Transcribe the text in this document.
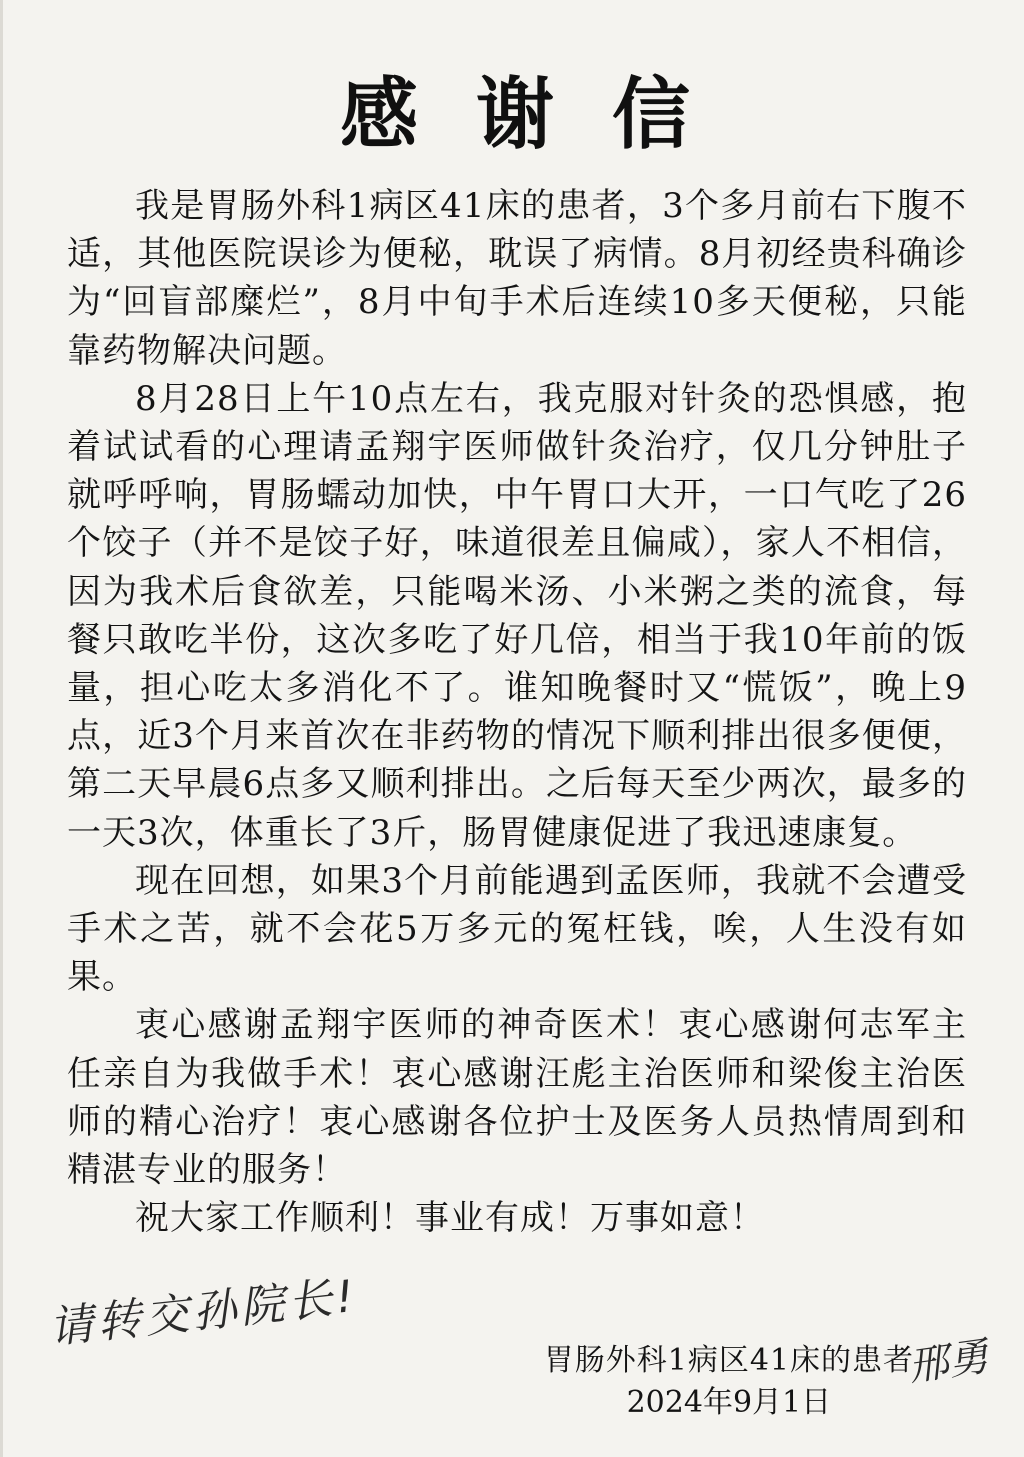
感谢信

我是胃肠外科1病区41床的患者，3个多月前右下腹不适，其他医院误诊为便秘，耽误了病情。8月初经贵科确诊为“回盲部糜烂”，8月中旬手术后连续10多天便秘，只能靠药物解决问题。

8月28日上午10点左右，我克服对针灸的恐惧感，抱着试试看的心理请孟翔宇医师做针灸治疗，仅几分钟肚子就呼呼响，胃肠蠕动加快，中午胃口大开，一口气吃了26个饺子（并不是饺子好，味道很差且偏咸），家人不相信，因为我术后食欲差，只能喝米汤、小米粥之类的流食，每餐只敢吃半份，这次多吃了好几倍，相当于我10年前的饭量，担心吃太多消化不了。谁知晚餐时又“慌饭”，晚上9点，近3个月来首次在非药物的情况下顺利排出很多便便，第二天早晨6点多又顺利排出。之后每天至少两次，最多的一天3次，体重长了3斤，肠胃健康促进了我迅速康复。

现在回想，如果3个月前能遇到孟医师，我就不会遭受手术之苦，就不会花5万多元的冤枉钱，唉，人生没有如果。

衷心感谢孟翔宇医师的神奇医术！衷心感谢何志军主任亲自为我做手术！衷心感谢汪彪主治医师和梁俊主治医师的精心治疗！衷心感谢各位护士及医务人员热情周到和精湛专业的服务！

祝大家工作顺利！事业有成！万事如意！

请转交孙院长!
胃肠外科1病区41床的患者
2024年9月1日
邢勇
